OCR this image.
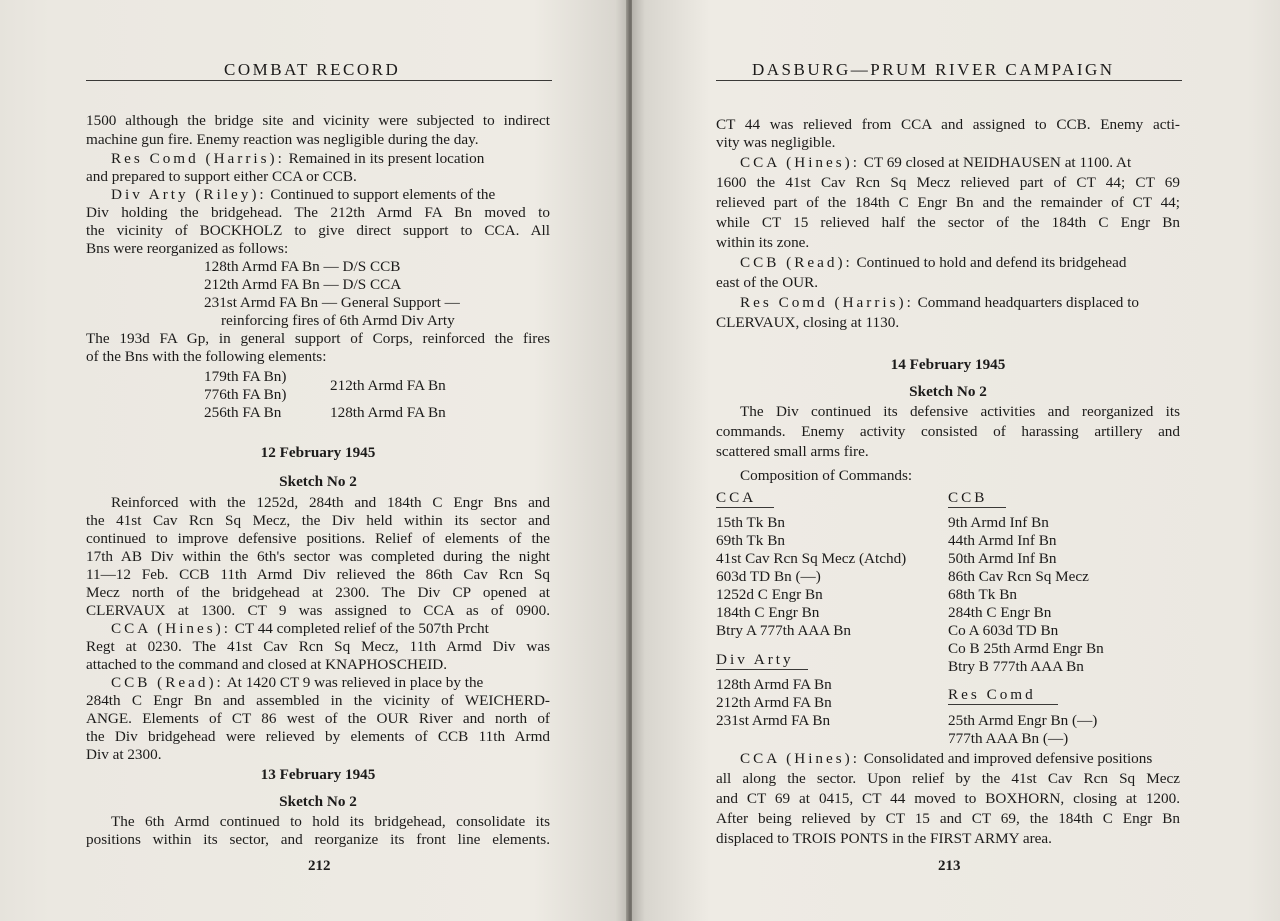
COMBAT RECORD
1500 although the bridge site and vicinity were subjected to indirect
machine gun fire. Enemy reaction was negligible during the day.
Res Comd (Harris): Remained in its present location
and prepared to support either CCA or CCB.
Div Arty (Riley): Continued to support elements of the
Div holding the bridgehead. The 212th Armd FA Bn moved to
the vicinity of BOCKHOLZ to give direct support to CCA. All
Bns were reorganized as follows:
128th Armd FA Bn — D/S CCB
212th Armd FA Bn — D/S CCA
231st Armd FA Bn — General Support —
reinforcing fires of 6th Armd Div Arty
The 193d FA Gp, in general support of Corps, reinforced the fires
of the Bns with the following elements:
179th FA Bn)
776th FA Bn)
256th FA Bn
212th Armd FA Bn
128th Armd FA Bn
12 February 1945
Sketch No 2
Reinforced with the 1252d, 284th and 184th C Engr Bns and
the 41st Cav Rcn Sq Mecz, the Div held within its sector and
continued to improve defensive positions. Relief of elements of the
17th AB Div within the 6th's sector was completed during the night
11—12 Feb. CCB 11th Armd Div relieved the 86th Cav Rcn Sq
Mecz north of the bridgehead at 2300. The Div CP opened at
CLERVAUX at 1300. CT 9 was assigned to CCA as of 0900.
CCA (Hines): CT 44 completed relief of the 507th Prcht
Regt at 0230. The 41st Cav Rcn Sq Mecz, 11th Armd Div was
attached to the command and closed at KNAPHOSCHEID.
CCB (Read): At 1420 CT 9 was relieved in place by the
284th C Engr Bn and assembled in the vicinity of WEICHERD-
ANGE. Elements of CT 86 west of the OUR River and north of
the Div bridgehead were relieved by elements of CCB 11th Armd
Div at 2300.
13 February 1945
Sketch No 2
The 6th Armd continued to hold its bridgehead, consolidate its
positions within its sector, and reorganize its front line elements.
212
DASBURG—PRUM RIVER CAMPAIGN
CT 44 was relieved from CCA and assigned to CCB. Enemy acti-
vity was negligible.
CCA (Hines): CT 69 closed at NEIDHAUSEN at 1100. At
1600 the 41st Cav Rcn Sq Mecz relieved part of CT 44; CT 69
relieved part of the 184th C Engr Bn and the remainder of CT 44;
while CT 15 relieved half the sector of the 184th C Engr Bn
within its zone.
CCB (Read): Continued to hold and defend its bridgehead
east of the OUR.
Res Comd (Harris): Command headquarters displaced to
CLERVAUX, closing at 1130.
14 February 1945
Sketch No 2
The Div continued its defensive activities and reorganized its
commands. Enemy activity consisted of harassing artillery and
scattered small arms fire.
Composition of Commands:
CCA
15th Tk Bn
69th Tk Bn
41st Cav Rcn Sq Mecz (Atchd)
603d TD Bn (—)
1252d C Engr Bn
184th C Engr Bn
Btry A 777th AAA Bn
Div Arty
128th Armd FA Bn
212th Armd FA Bn
231st Armd FA Bn
CCB
9th Armd Inf Bn
44th Armd Inf Bn
50th Armd Inf Bn
86th Cav Rcn Sq Mecz
68th Tk Bn
284th C Engr Bn
Co A 603d TD Bn
Co B 25th Armd Engr Bn
Btry B 777th AAA Bn
Res Comd
25th Armd Engr Bn (—)
777th AAA Bn (—)
CCA (Hines): Consolidated and improved defensive positions
all along the sector. Upon relief by the 41st Cav Rcn Sq Mecz
and CT 69 at 0415, CT 44 moved to BOXHORN, closing at 1200.
After being relieved by CT 15 and CT 69, the 184th C Engr Bn
displaced to TROIS PONTS in the FIRST ARMY area.
213
